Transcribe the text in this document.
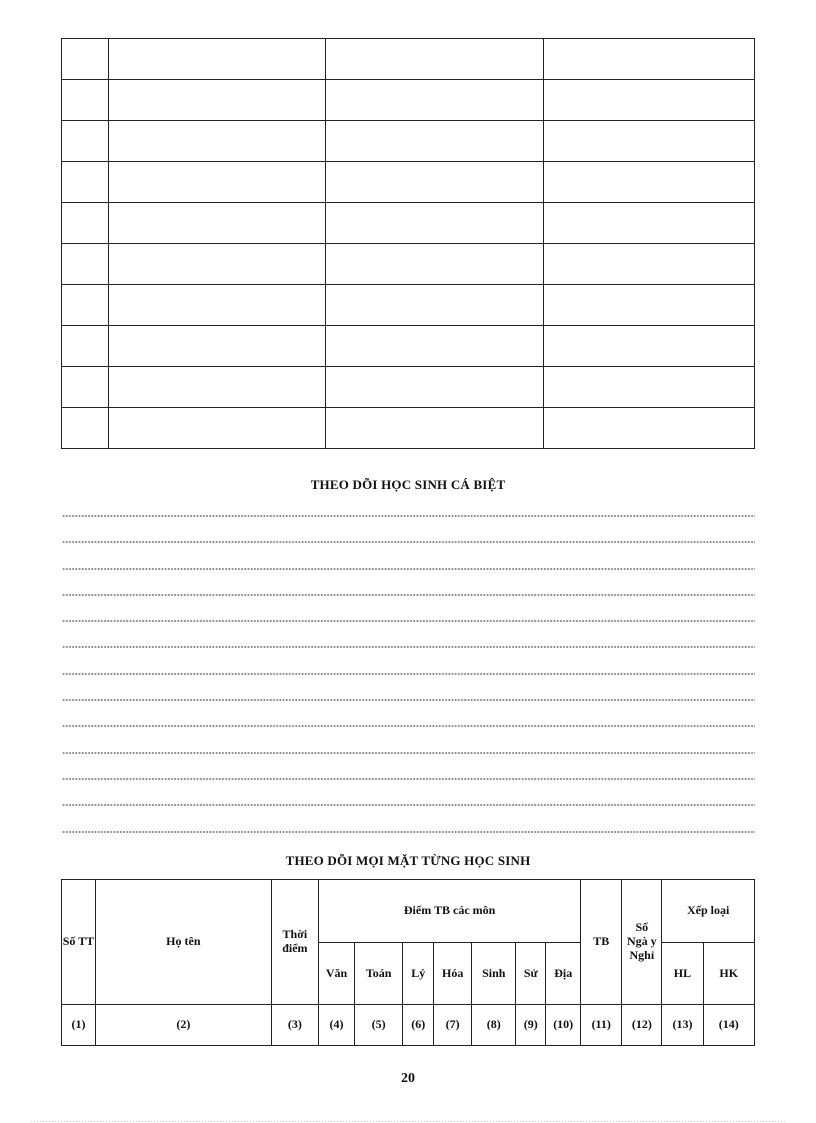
THEO DÕI HỌC SINH CÁ BIỆT
THEO DÕI MỌI MẶT TỪNG HỌC SINH
Số TT	Họ tên	Thời điểm	Điểm TB các môn							TB	Số Ngà y Nghỉ	Xếp loại	
			Văn	Toán	Lý	Hóa	Sinh	Sử	Địa			HL	HK
(1)	(2)	(3)	(4)	(5)	(6)	(7)	(8)	(9)	(10)	(11)	(12)	(13)	(14)
20
